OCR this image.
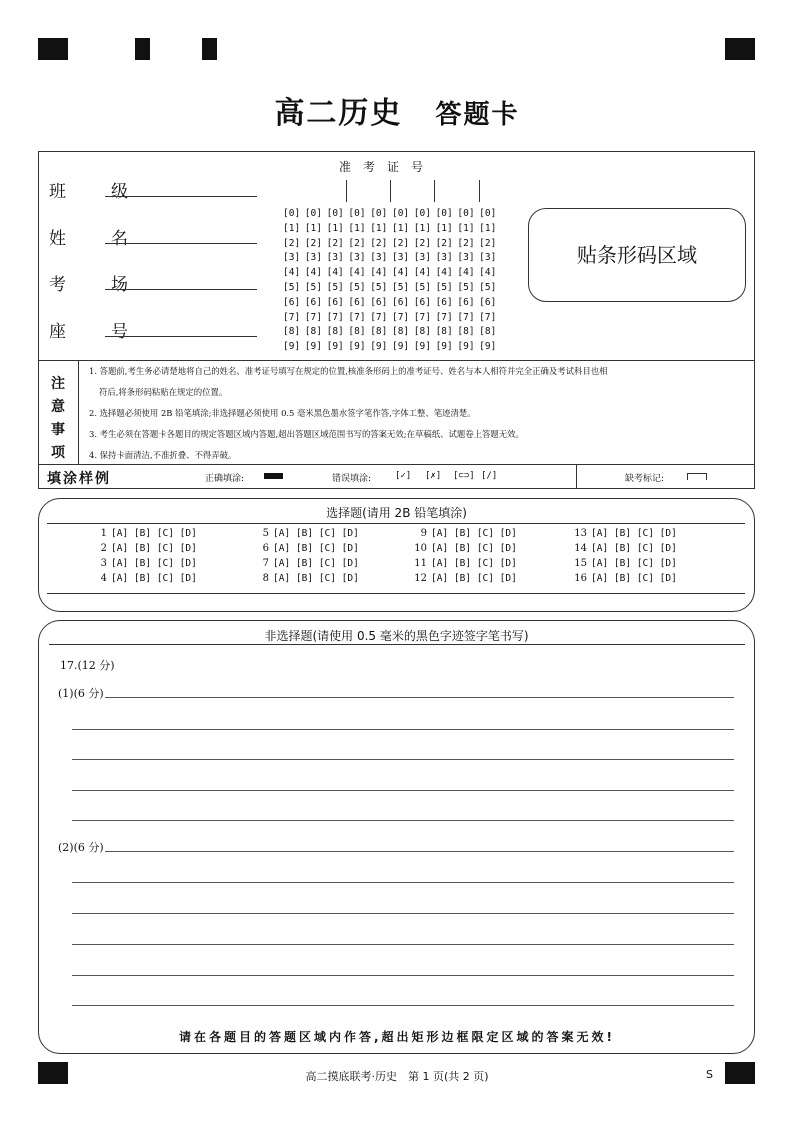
高二历史 答题卡
班　级
姓　名
考　场
座　号
准考证号
[0] [0] [0] [0] [0] [0] [0] [0] [0] [0]
[1] [1] [1] [1] [1] [1] [1] [1] [1] [1]
[2] [2] [2] [2] [2] [2] [2] [2] [2] [2]
[3] [3] [3] [3] [3] [3] [3] [3] [3] [3]
[4] [4] [4] [4] [4] [4] [4] [4] [4] [4]
[5] [5] [5] [5] [5] [5] [5] [5] [5] [5]
[6] [6] [6] [6] [6] [6] [6] [6] [6] [6]
[7] [7] [7] [7] [7] [7] [7] [7] [7] [7]
[8] [8] [8] [8] [8] [8] [8] [8] [8] [8]
[9] [9] [9] [9] [9] [9] [9] [9] [9] [9]
贴条形码区域
注
意
事
项
1. 答题前,考生务必请楚地将自己的姓名、准考证号填写在规定的位置,核准条形码上的准考证号、姓名与本人相符并完全正确及考试科目也相
符后,将条形码粘贴在规定的位置。
2. 选择题必须使用 2B 铅笔填涂;非选择题必须使用 0.5 毫米黑色墨水签字笔作答,字体工整、笔迹清楚。
3. 考生必须在答题卡各题目的规定答题区域内答题,超出答题区域范围书写的答案无效;在草稿纸、试题卷上答题无效。
4. 保持卡面清洁,不准折叠、不得弄破。
填涂样例	正确填涂:	错误填涂:	[✓] [✗] [⊂⊃] [/]	缺考标记:
选择题(请用 2B 铅笔填涂)
1 [A] [B] [C] [D]
2 [A] [B] [C] [D]
3 [A] [B] [C] [D]
4 [A] [B] [C] [D]
5 [A] [B] [C] [D]
6 [A] [B] [C] [D]
7 [A] [B] [C] [D]
8 [A] [B] [C] [D]
9 [A] [B] [C] [D]
10 [A] [B] [C] [D]
11 [A] [B] [C] [D]
12 [A] [B] [C] [D]
13 [A] [B] [C] [D]
14 [A] [B] [C] [D]
15 [A] [B] [C] [D]
16 [A] [B] [C] [D]
非选择题(请使用 0.5 毫米的黑色字迹签字笔书写)
17.(12 分)
(1)(6 分)
(2)(6 分)
请在各题目的答题区域内作答,超出矩形边框限定区域的答案无效!
高二摸底联考·历史　第 1 页(共 2 页)	S
